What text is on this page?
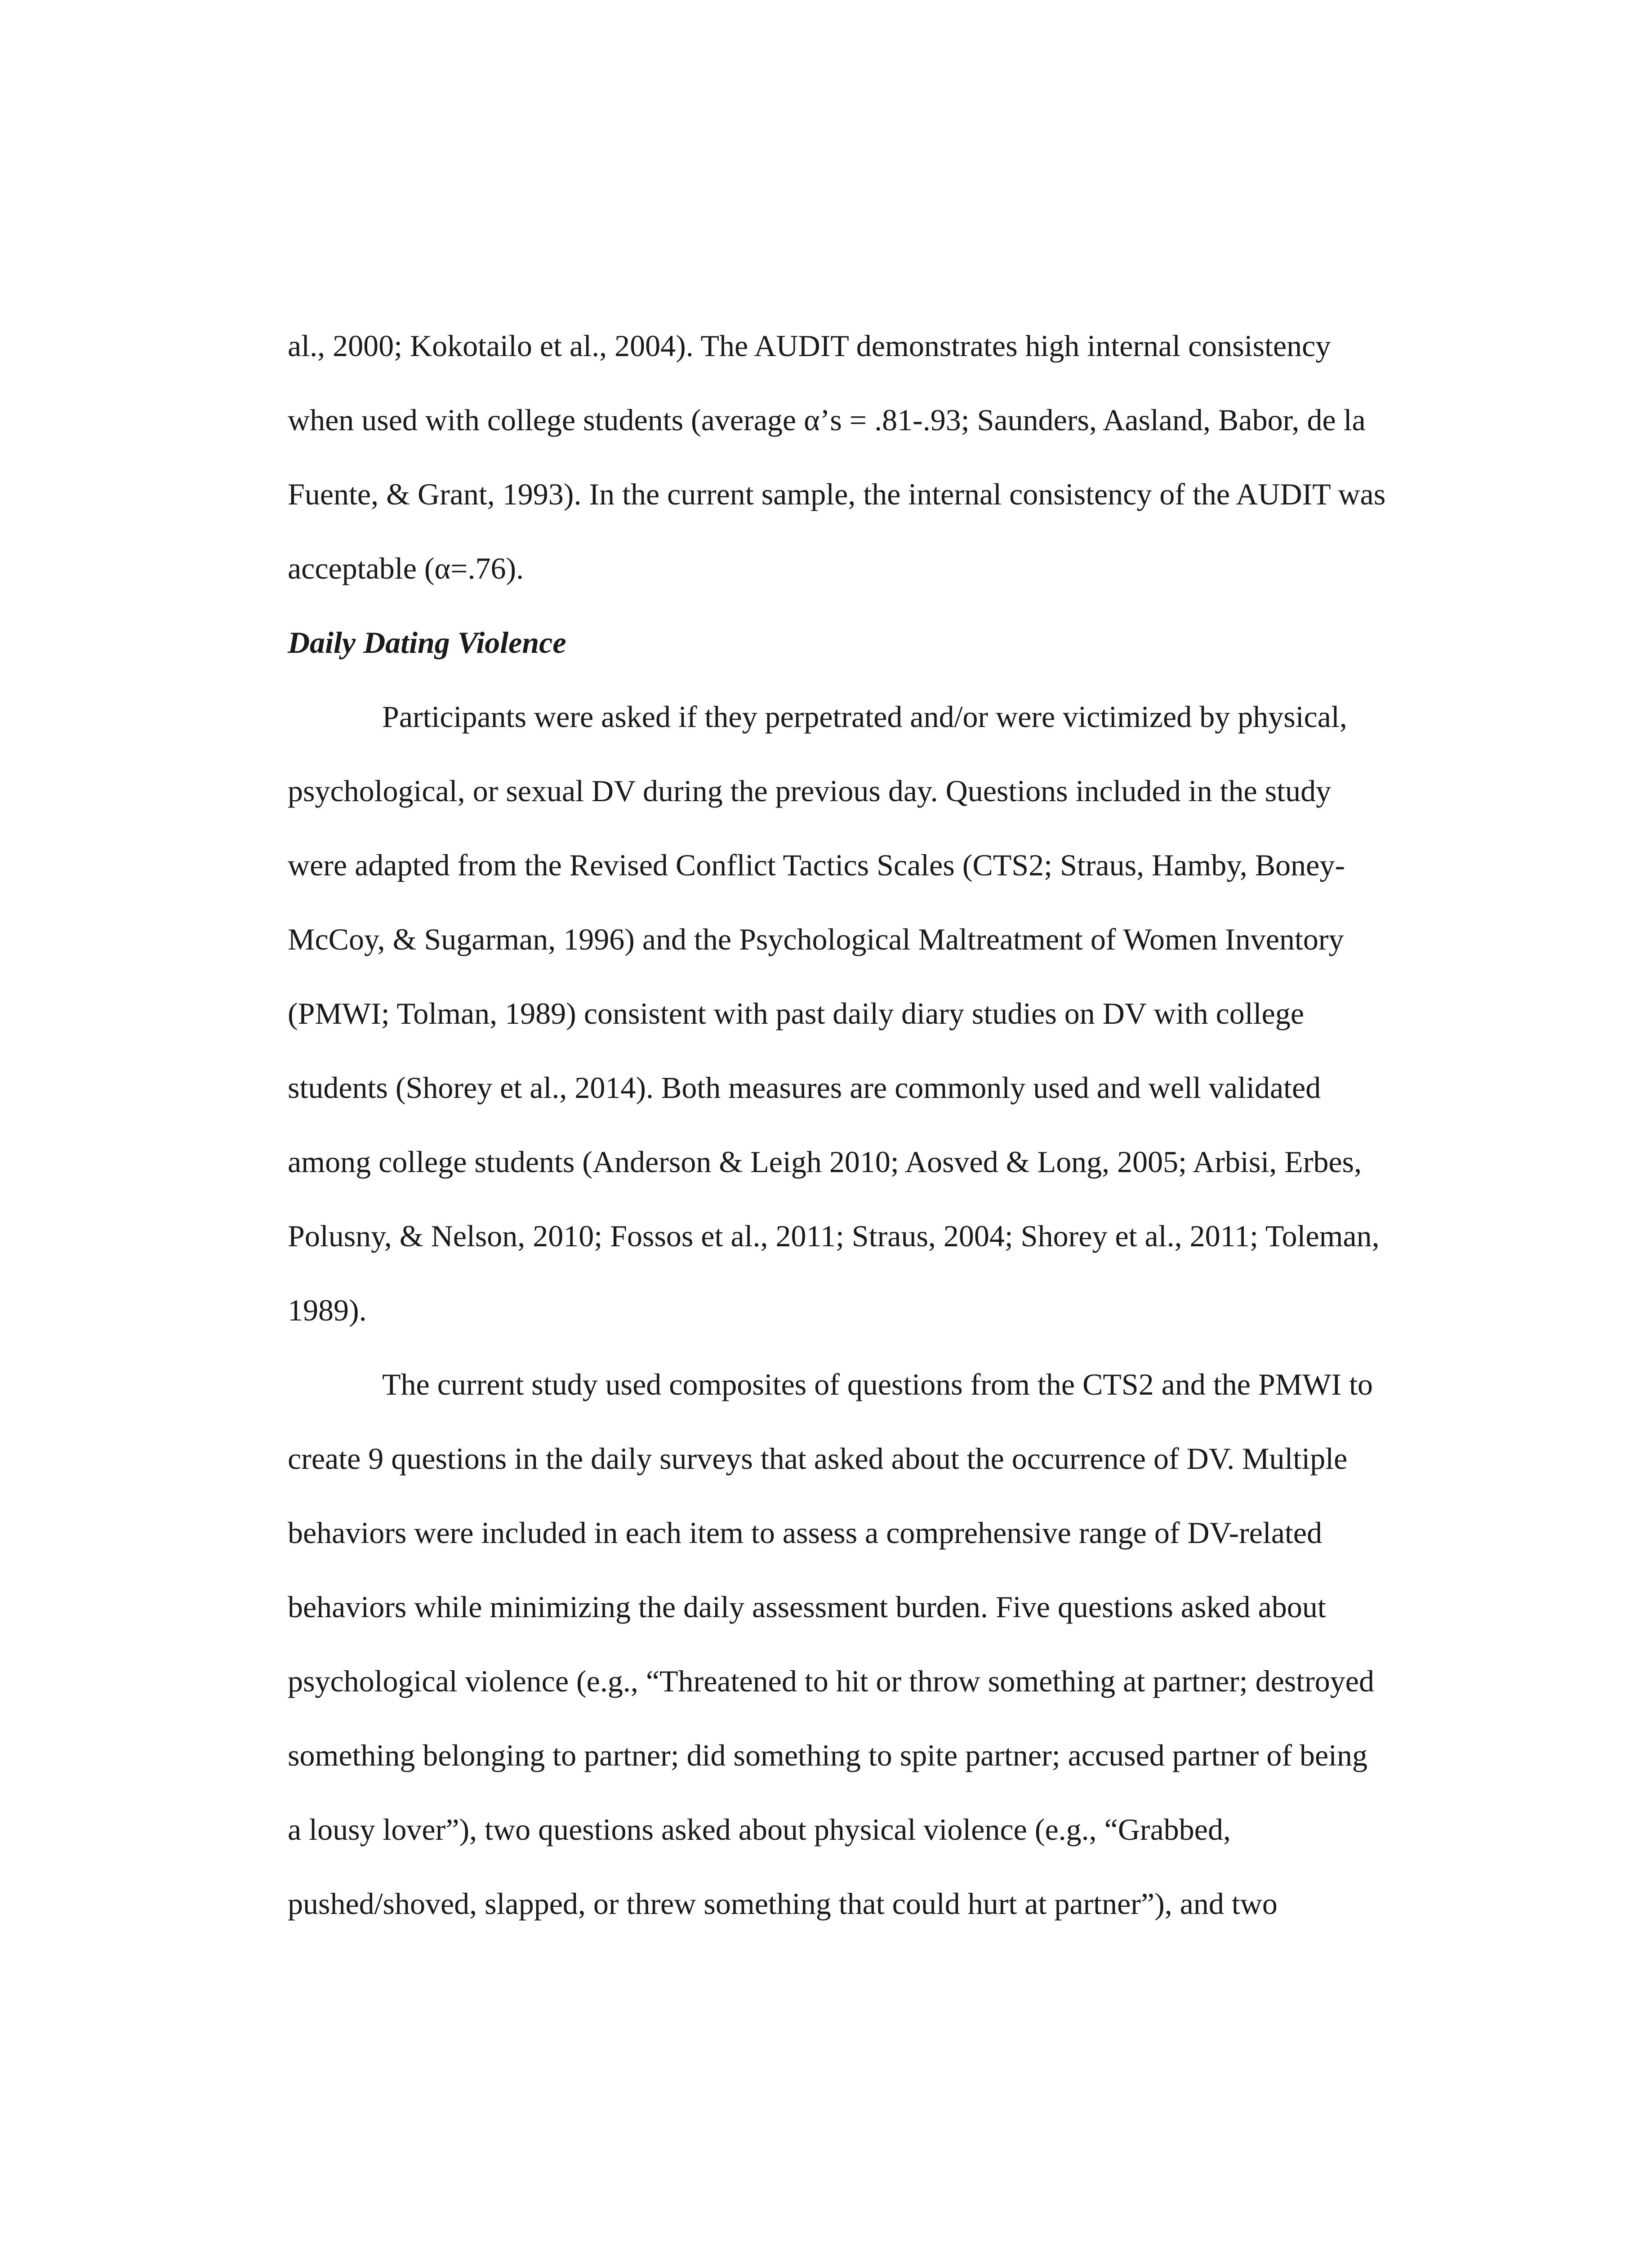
al., 2000; Kokotailo et al., 2004). The AUDIT demonstrates high internal consistency
when used with college students (average α’s = .81-.93; Saunders, Aasland, Babor, de la
Fuente, & Grant, 1993). In the current sample, the internal consistency of the AUDIT was
acceptable (α=.76).
Daily Dating Violence
Participants were asked if they perpetrated and/or were victimized by physical,
psychological, or sexual DV during the previous day. Questions included in the study
were adapted from the Revised Conflict Tactics Scales (CTS2; Straus, Hamby, Boney-
McCoy, & Sugarman, 1996) and the Psychological Maltreatment of Women Inventory
(PMWI; Tolman, 1989) consistent with past daily diary studies on DV with college
students (Shorey et al., 2014). Both measures are commonly used and well validated
among college students (Anderson & Leigh 2010; Aosved & Long, 2005; Arbisi, Erbes,
Polusny, & Nelson, 2010; Fossos et al., 2011; Straus, 2004; Shorey et al., 2011; Toleman,
1989).
The current study used composites of questions from the CTS2 and the PMWI to
create 9 questions in the daily surveys that asked about the occurrence of DV. Multiple
behaviors were included in each item to assess a comprehensive range of DV-related
behaviors while minimizing the daily assessment burden. Five questions asked about
psychological violence (e.g., “Threatened to hit or throw something at partner; destroyed
something belonging to partner; did something to spite partner; accused partner of being
a lousy lover”), two questions asked about physical violence (e.g., “Grabbed,
pushed/shoved, slapped, or threw something that could hurt at partner”), and two
